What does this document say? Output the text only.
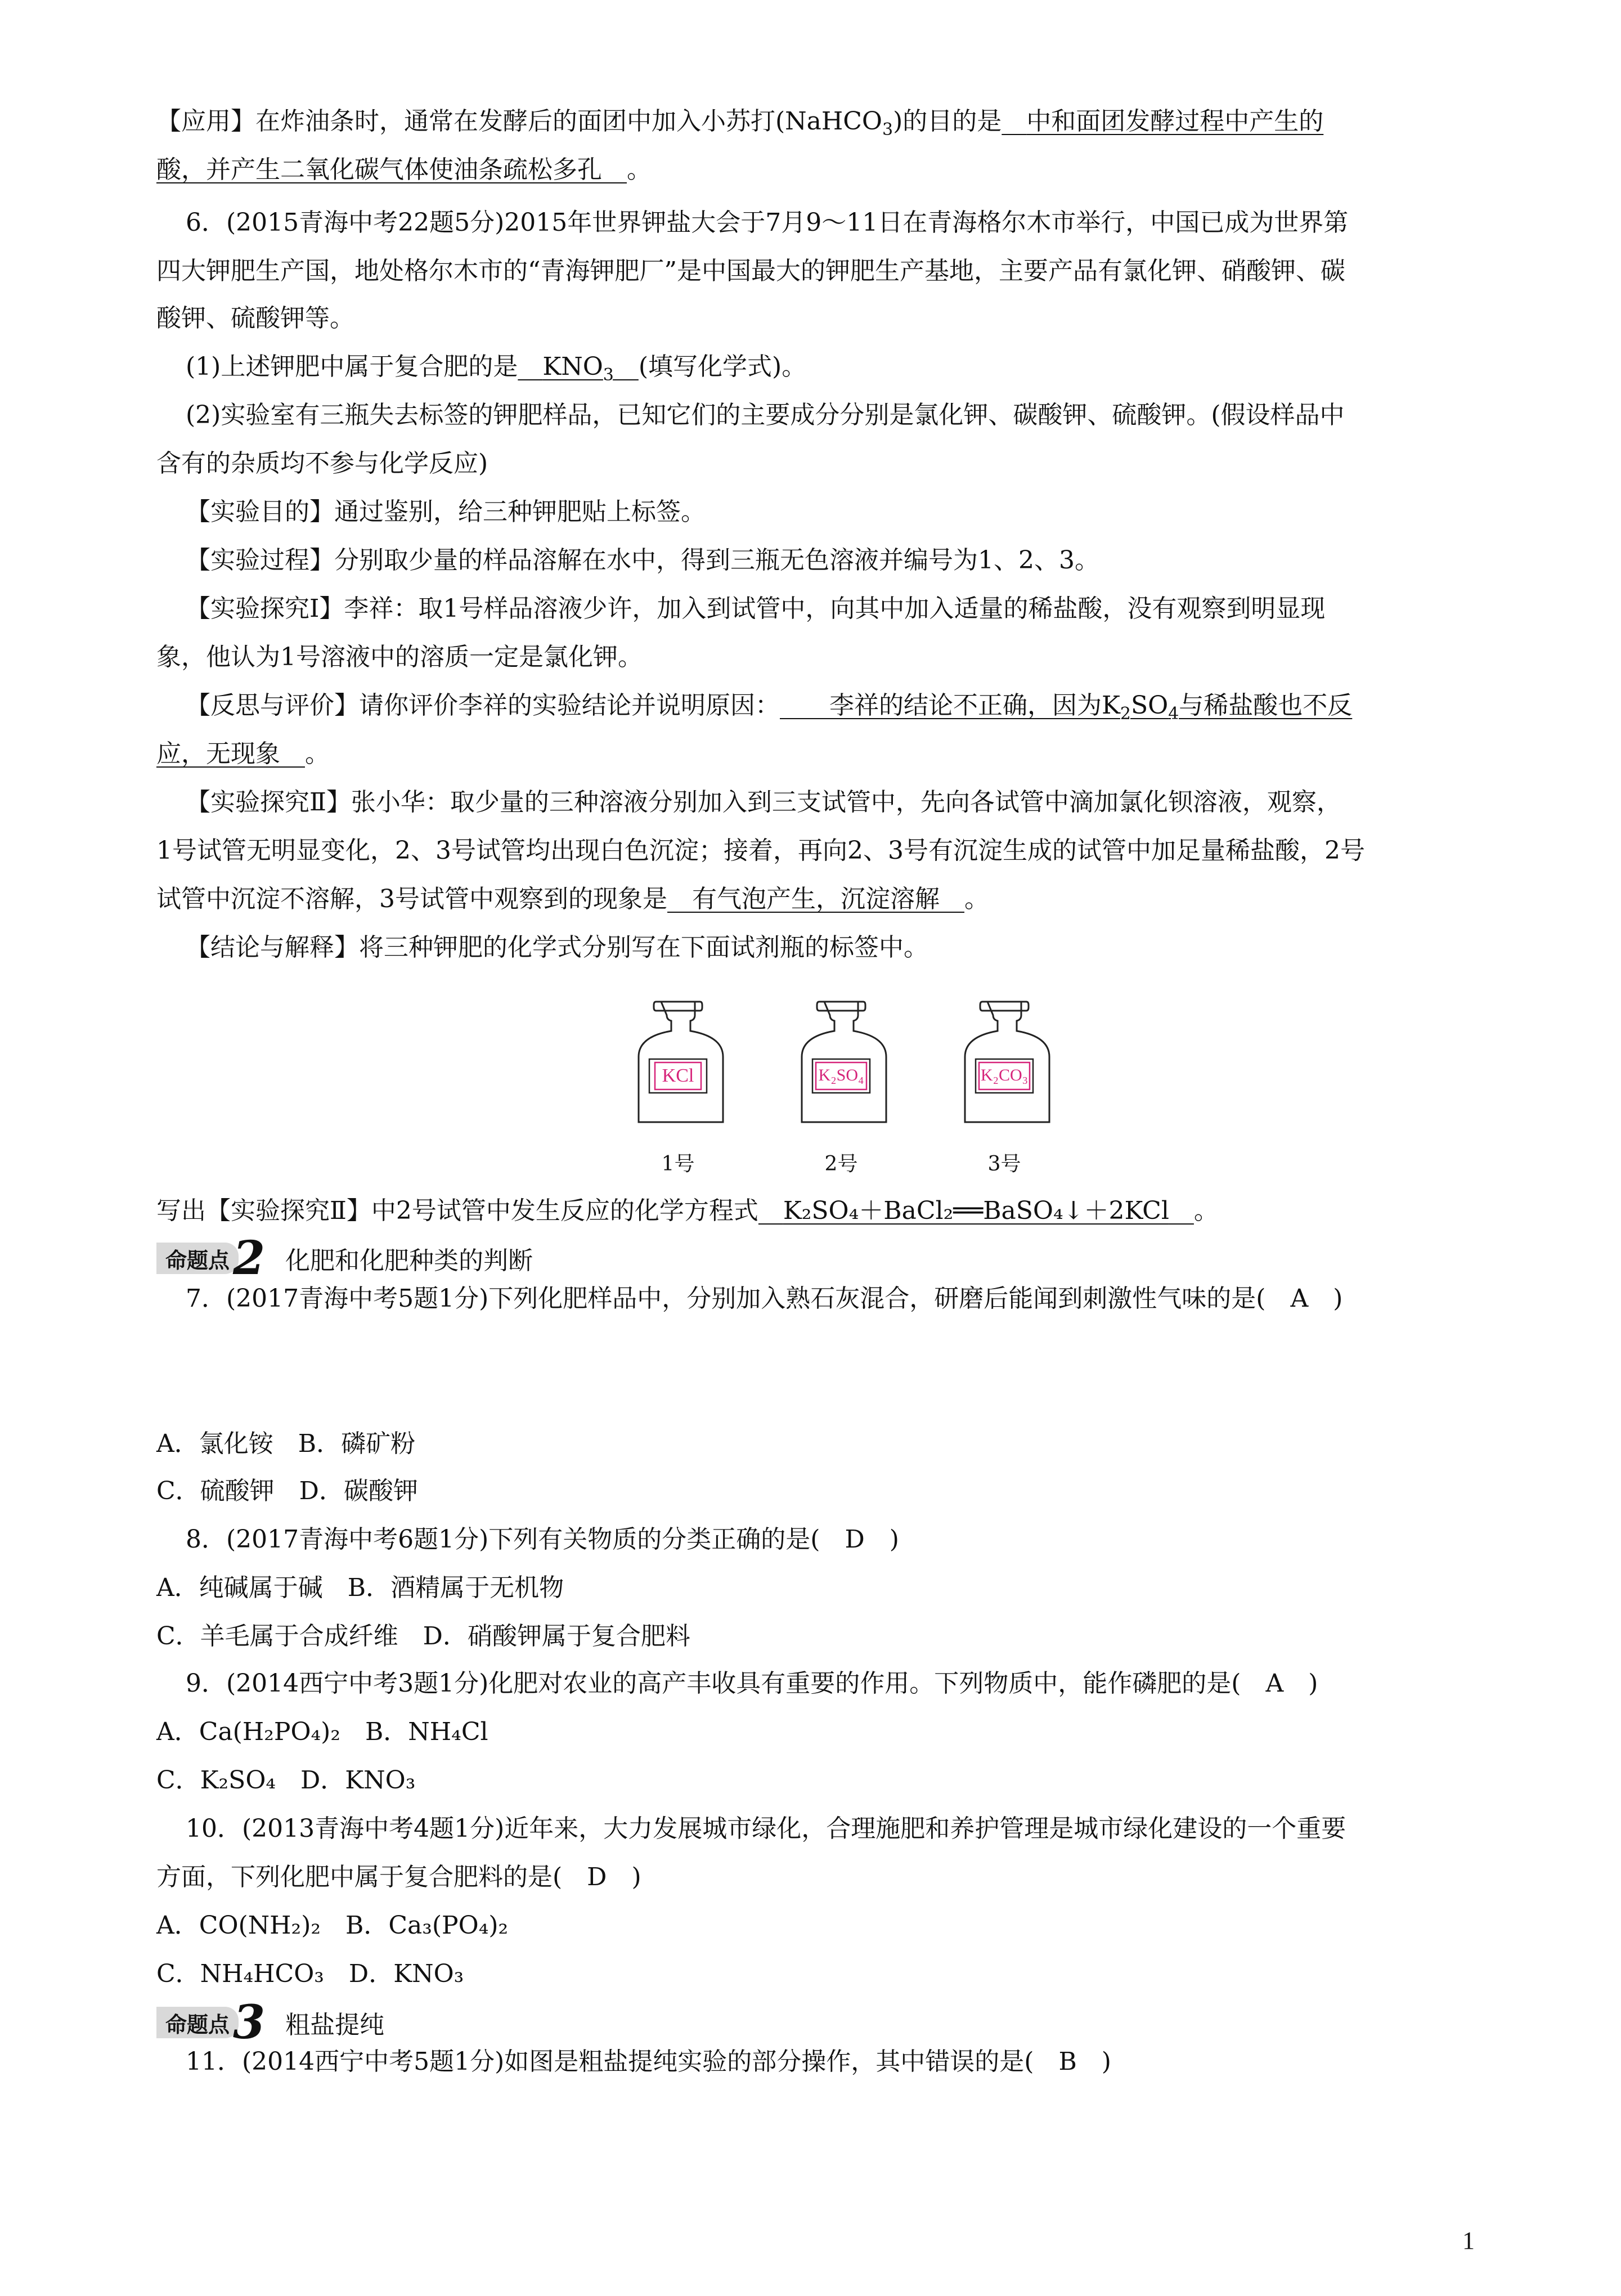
【应用】在炸油条时，通常在发酵后的面团中加入小苏打(NaHCO$_3$)的目的是  中和面团发酵过程中产生的
酸，并产生二氧化碳气体使油条疏松多孔  。
6．(2015青海中考22题5分)2015年世界钾盐大会于7月9～11日在青海格尔木市举行，中国已成为世界第
四大钾肥生产国，地处格尔木市的“青海钾肥厂”是中国最大的钾肥生产基地，主要产品有氯化钾、硝酸钾、碳
酸钾、硫酸钾等。
(1)上述钾肥中属于复合肥的是  $KNO_3$  (填写化学式)。
(2)实验室有三瓶失去标签的钾肥样品，已知它们的主要成分分别是氯化钾、碳酸钾、硫酸钾。(假设样品中
含有的杂质均不参与化学反应)
【实验目的】通过鉴别，给三种钾肥贴上标签。
【实验过程】分别取少量的样品溶解在水中，得到三瓶无色溶液并编号为1、2、3。
【实验探究Ⅰ】李祥：取1号样品溶液少许，加入到试管中，向其中加入适量的稀盐酸，没有观察到明显现
象，他认为1号溶液中的溶质一定是氯化钾。
【反思与评价】请你评价李祥的实验结论并说明原因：   李祥的结论不正确，因为$K_2SO_4$与稀盐酸也不反
应，无现象  。
【实验探究Ⅱ】张小华：取少量的三种溶液分别加入到三支试管中，先向各试管中滴加氯化钡溶液，观察，
1号试管无明显变化，2、3号试管均出现白色沉淀；接着，再向2、3号有沉淀生成的试管中加足量稀盐酸，2号
试管中沉淀不溶解，3号试管中观察到的现象是  有气泡产生，沉淀溶解  。
【结论与解释】将三种钾肥的化学式分别写在下面试剂瓶的标签中。
KCl
1号
K₂SO₄
2号
K₂CO₃
3号
写出【实验探究Ⅱ】中2号试管中发生反应的化学方程式  K₂SO₄＋BaCl₂══BaSO₄↓＋2KCl  。
命题点 2 化肥和化肥种类的判断
7．(2017青海中考5题1分)下列化肥样品中，分别加入熟石灰混合，研磨后能闻到刺激性气味的是(　A　)
A．氯化铵　B．磷矿粉
C．硫酸钾　D．碳酸钾
8．(2017青海中考6题1分)下列有关物质的分类正确的是(　D　)
A．纯碱属于碱　B．酒精属于无机物
C．羊毛属于合成纤维　D．硝酸钾属于复合肥料
9．(2014西宁中考3题1分)化肥对农业的高产丰收具有重要的作用。下列物质中，能作磷肥的是(　A　)
A．Ca(H₂PO₄)₂　B．NH₄Cl
C．K₂SO₄　D．KNO₃
10．(2013青海中考4题1分)近年来，大力发展城市绿化，合理施肥和养护管理是城市绿化建设的一个重要
方面，下列化肥中属于复合肥料的是(　D　)
A．CO(NH₂)₂　B．Ca₃(PO₄)₂
C．NH₄HCO₃　D．KNO₃
命题点 3 粗盐提纯
11．(2014西宁中考5题1分)如图是粗盐提纯实验的部分操作，其中错误的是(　B　)
1
